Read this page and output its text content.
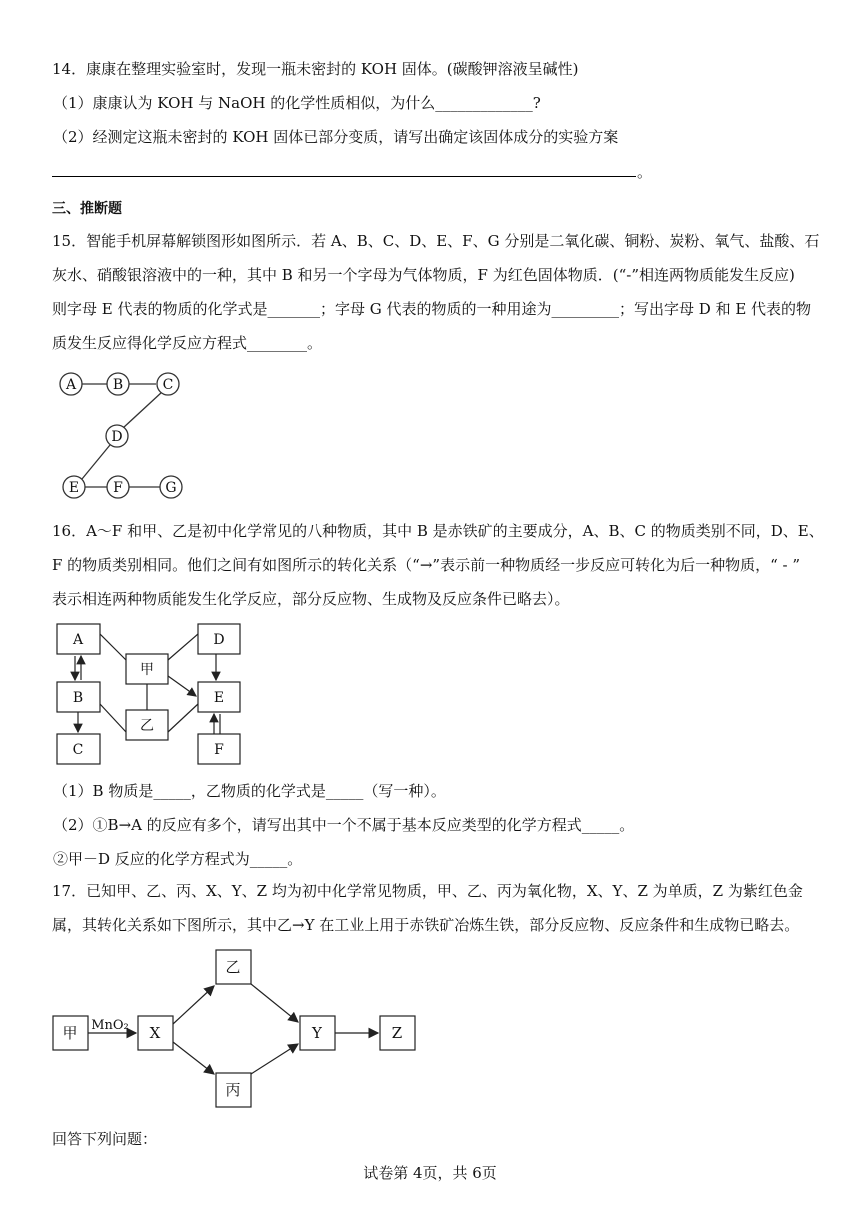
14．康康在整理实验室时，发现一瓶未密封的 KOH 固体。(碳酸钾溶液呈碱性)
（1）康康认为 KOH 与 NaOH 的化学性质相似，为什么_____________?
（2）经测定这瓶未密封的 KOH 固体已部分变质，请写出确定该固体成分的实验方案
。
三、推断题
15．智能手机屏幕解锁图形如图所示．若 A、B、C、D、E、F、G 分别是二氧化碳、铜粉、炭粉、氧气、盐酸、石
灰水、硝酸银溶液中的一种，其中 B 和另一个字母为气体物质，F 为红色固体物质．(“-”相连两物质能发生反应)
则字母 E 代表的物质的化学式是_______；字母 G 代表的物质的一种用途为_________；写出字母 D 和 E 代表的物
质发生反应得化学反应方程式________。
A	B	C
D
E F	G
16．A～F 和甲、乙是初中化学常见的八种物质，其中 B 是赤铁矿的主要成分，A、B、C 的物质类别不同，D、E、
F 的物质类别相同。他们之间有如图所示的转化关系（“→”表示前一种物质经一步反应可转化为后一种物质，“ - ”
表示相连两种物质能发生化学反应，部分反应物、生成物及反应条件已略去）。
A
B
C
D
E
F
甲
乙
（1）B 物质是_____，乙物质的化学式是_____（写一种）。
（2）①B→A 的反应有多个，请写出其中一个不属于基本反应类型的化学方程式_____。
②甲－D 反应的化学方程式为_____。
17．已知甲、乙、丙、X、Y、Z 均为初中化学常见物质，甲、乙、丙为氧化物，X、Y、Z 为单质，Z 为紫红色金
属，其转化关系如下图所示，其中乙→Y 在工业上用于赤铁矿冶炼生铁，部分反应物、反应条件和生成物已略去。
甲	X
乙
丙
Y	Z
MnO₂
回答下列问题：
试卷第 4页，共 6页
